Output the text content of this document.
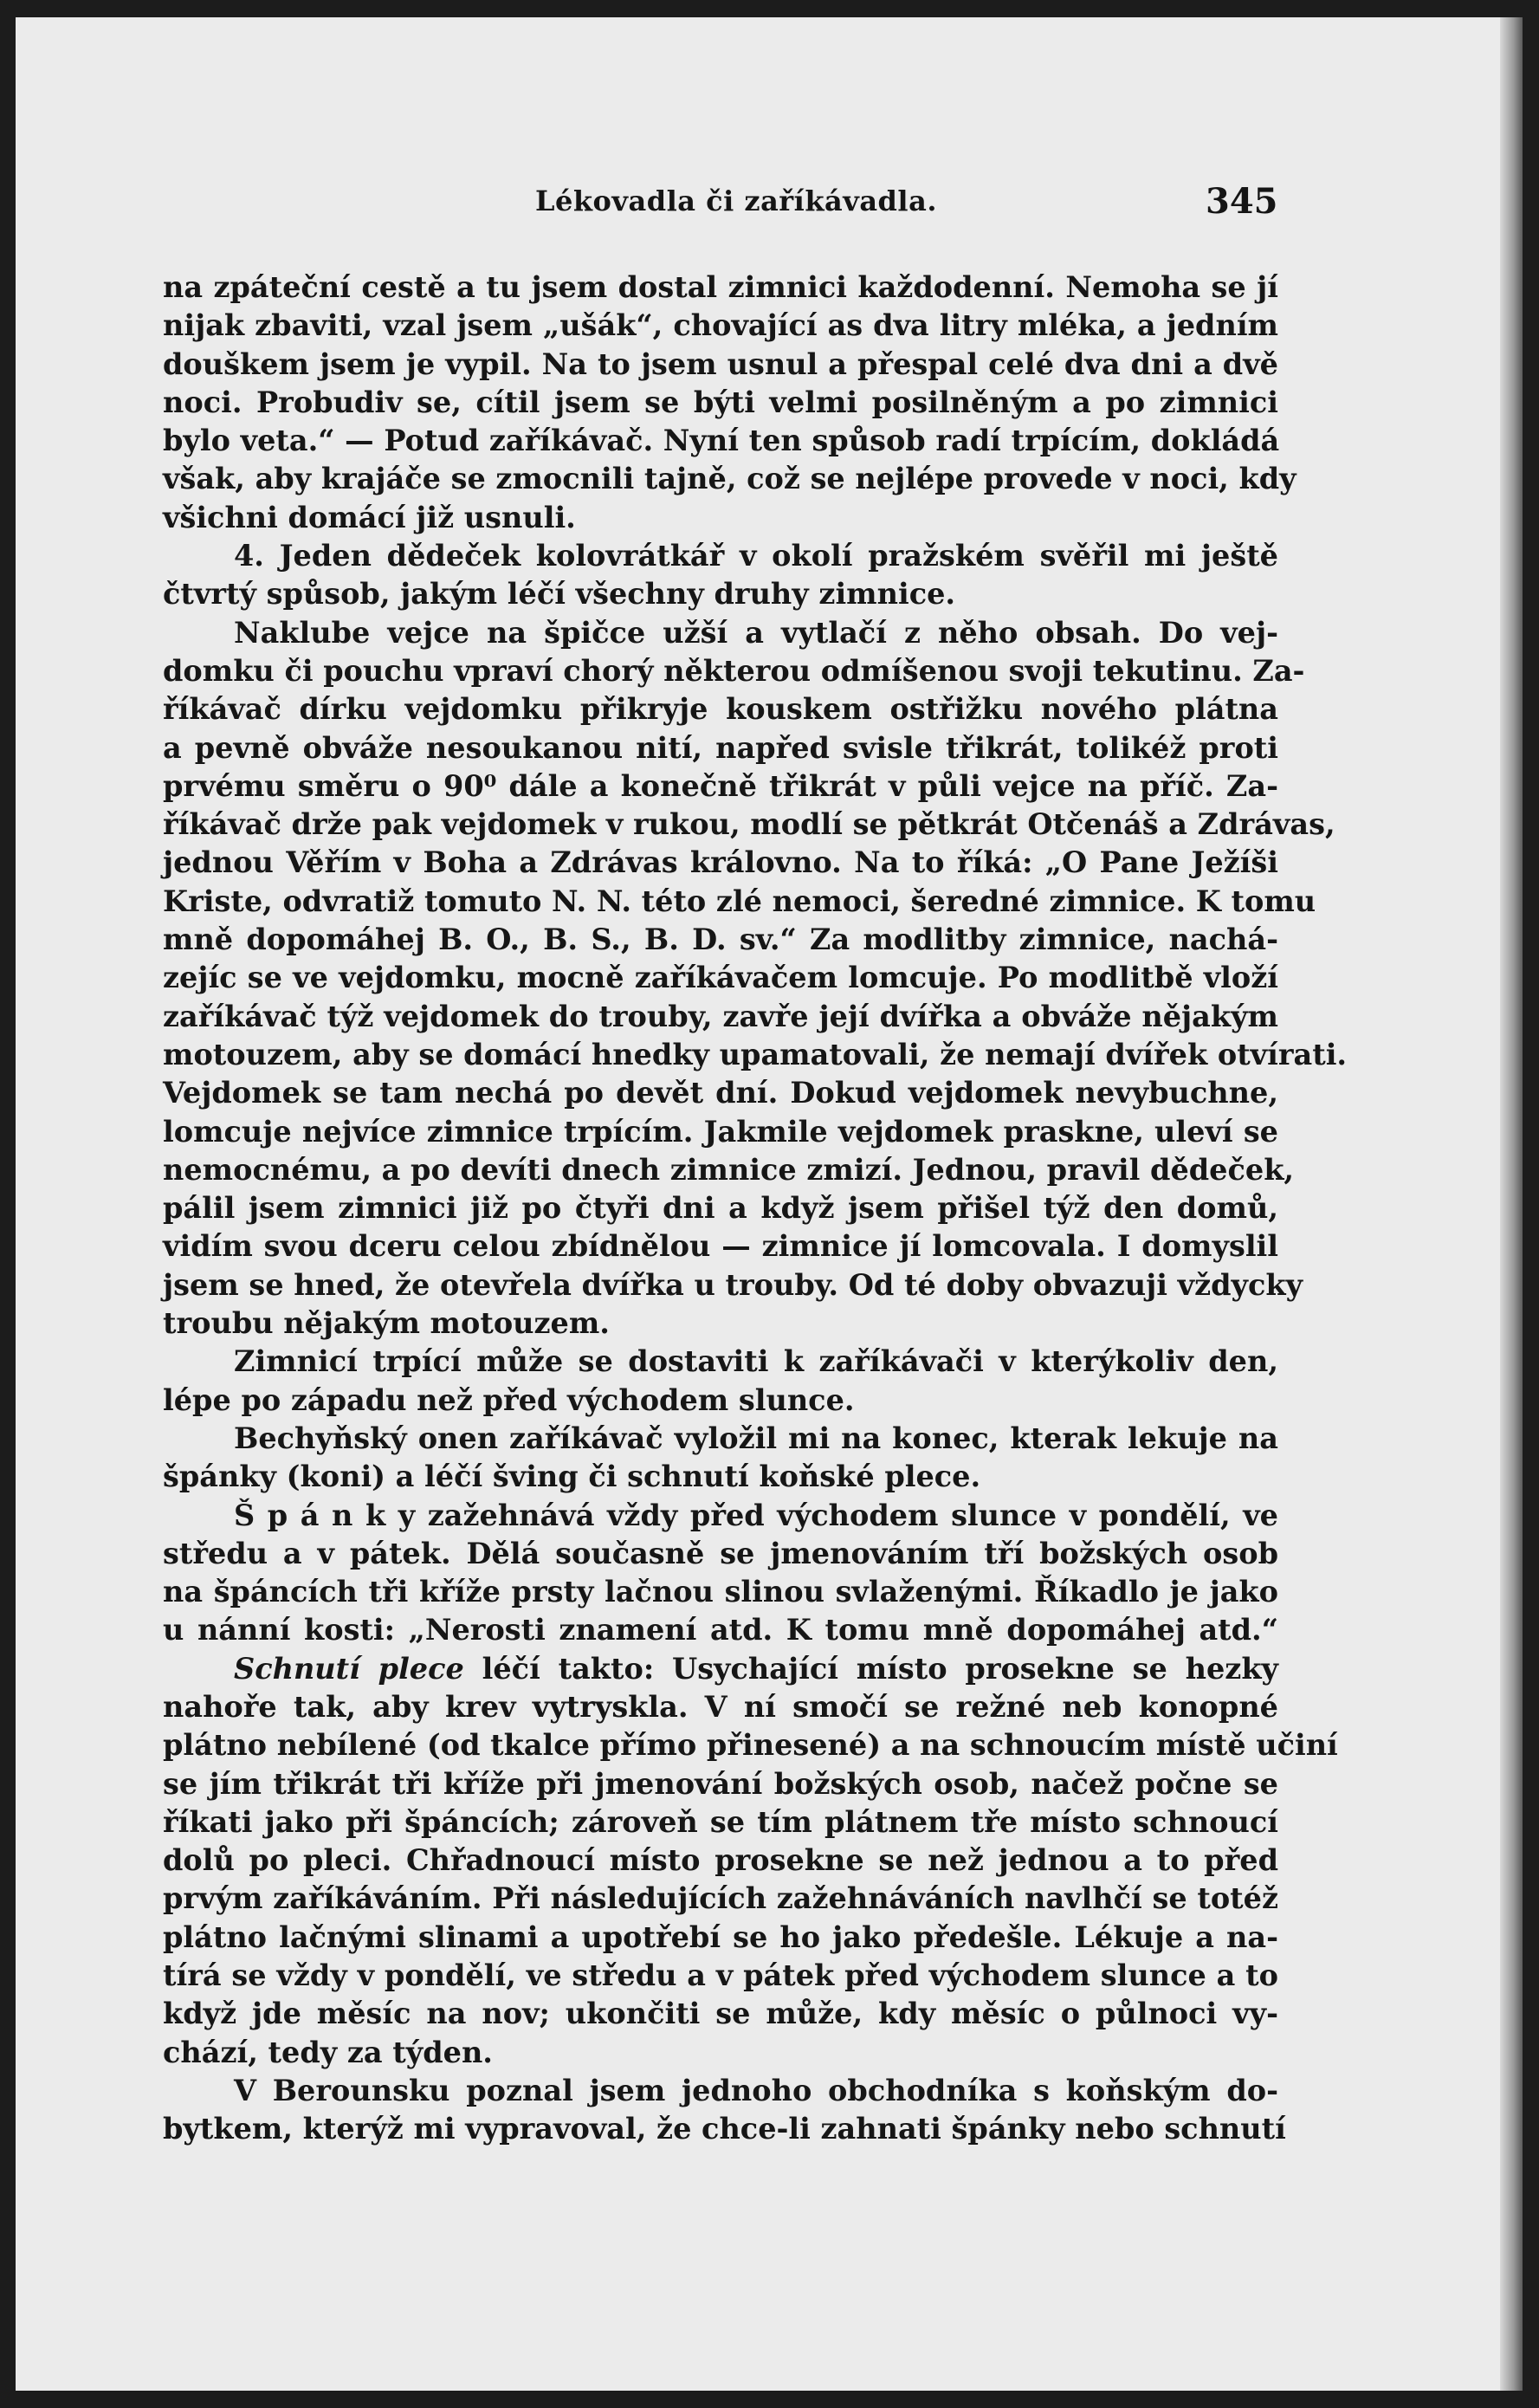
Lékovadla či zaříkávadla.	345
na zpáteční cestě a tu jsem dostal zimnici každodenní. Nemoha se jí
nijak zbaviti, vzal jsem „ušák“, chovající as dva litry mléka, a jedním
douškem jsem je vypil. Na to jsem usnul a přespal celé dva dni a dvě
noci. Probudiv se, cítil jsem se býti velmi posilněným a po zimnici
bylo veta.“ — Potud zaříkávač. Nyní ten spůsob radí trpícím, dokládá
však, aby krajáče se zmocnili tajně, což se nejlépe provede v noci, kdy
všichni domácí již usnuli.
4. Jeden dědeček kolovrátkář v okolí pražském svěřil mi ještě
čtvrtý spůsob, jakým léčí všechny druhy zimnice.
Naklube vejce na špičce užší a vytlačí z něho obsah. Do vej-
domku či pouchu vpraví chorý některou odmíšenou svoji tekutinu. Za-
říkávač dírku vejdomku přikryje kouskem ostřižku nového plátna
a pevně obváže nesoukanou nití, napřed svisle třikrát, tolikéž proti
prvému směru o 90⁰ dále a konečně třikrát v půli vejce na příč. Za-
říkávač drže pak vejdomek v rukou, modlí se pětkrát Otčenáš a Zdrávas,
jednou Věřím v Boha a Zdrávas královno. Na to říká: „O Pane Ježíši
Kriste, odvratiž tomuto N. N. této zlé nemoci, šeredné zimnice. K tomu
mně dopomáhej B. O., B. S., B. D. sv.“ Za modlitby zimnice, nachá-
zejíc se ve vejdomku, mocně zaříkávačem lomcuje. Po modlitbě vloží
zaříkávač týž vejdomek do trouby, zavře její dvířka a obváže nějakým
motouzem, aby se domácí hnedky upamatovali, že nemají dvířek otvírati.
Vejdomek se tam nechá po devět dní. Dokud vejdomek nevybuchne,
lomcuje nejvíce zimnice trpícím. Jakmile vejdomek praskne, uleví se
nemocnému, a po devíti dnech zimnice zmizí. Jednou, pravil dědeček,
pálil jsem zimnici již po čtyři dni a když jsem přišel týž den domů,
vidím svou dceru celou zbídnělou — zimnice jí lomcovala. I domyslil
jsem se hned, že otevřela dvířka u trouby. Od té doby obvazuji vždycky
troubu nějakým motouzem.
Zimnicí trpící může se dostaviti k zaříkávači v kterýkoliv den,
lépe po západu než před východem slunce.
Bechyňský onen zaříkávač vyložil mi na konec, kterak lekuje na
špánky (koni) a léčí šving či schnutí koňské plece.
Š p á n k y zažehnává vždy před východem slunce v pondělí, ve
středu a v pátek. Dělá současně se jmenováním tří božských osob
na špáncích tři kříže prsty lačnou slinou svlaženými. Říkadlo je jako
u nánní kosti: „Nerosti znamení atd. K tomu mně dopomáhej atd.“
Schnutí plece léčí takto: Usychající místo prosekne se hezky
nahoře tak, aby krev vytryskla. V ní smočí se režné neb konopné
plátno nebílené (od tkalce přímo přinesené) a na schnoucím místě učiní
se jím třikrát tři kříže při jmenování božských osob, načež počne se
říkati jako při špáncích; zároveň se tím plátnem tře místo schnoucí
dolů po pleci. Chřadnoucí místo prosekne se než jednou a to před
prvým zaříkáváním. Při následujících zažehnáváních navlhčí se totéž
plátno lačnými slinami a upotřebí se ho jako předešle. Lékuje a na-
tírá se vždy v pondělí, ve středu a v pátek před východem slunce a to
když jde měsíc na nov; ukončiti se může, kdy měsíc o půlnoci vy-
chází, tedy za týden.
V Berounsku poznal jsem jednoho obchodníka s koňským do-
bytkem, kterýž mi vypravoval, že chce-li zahnati špánky nebo schnutí
